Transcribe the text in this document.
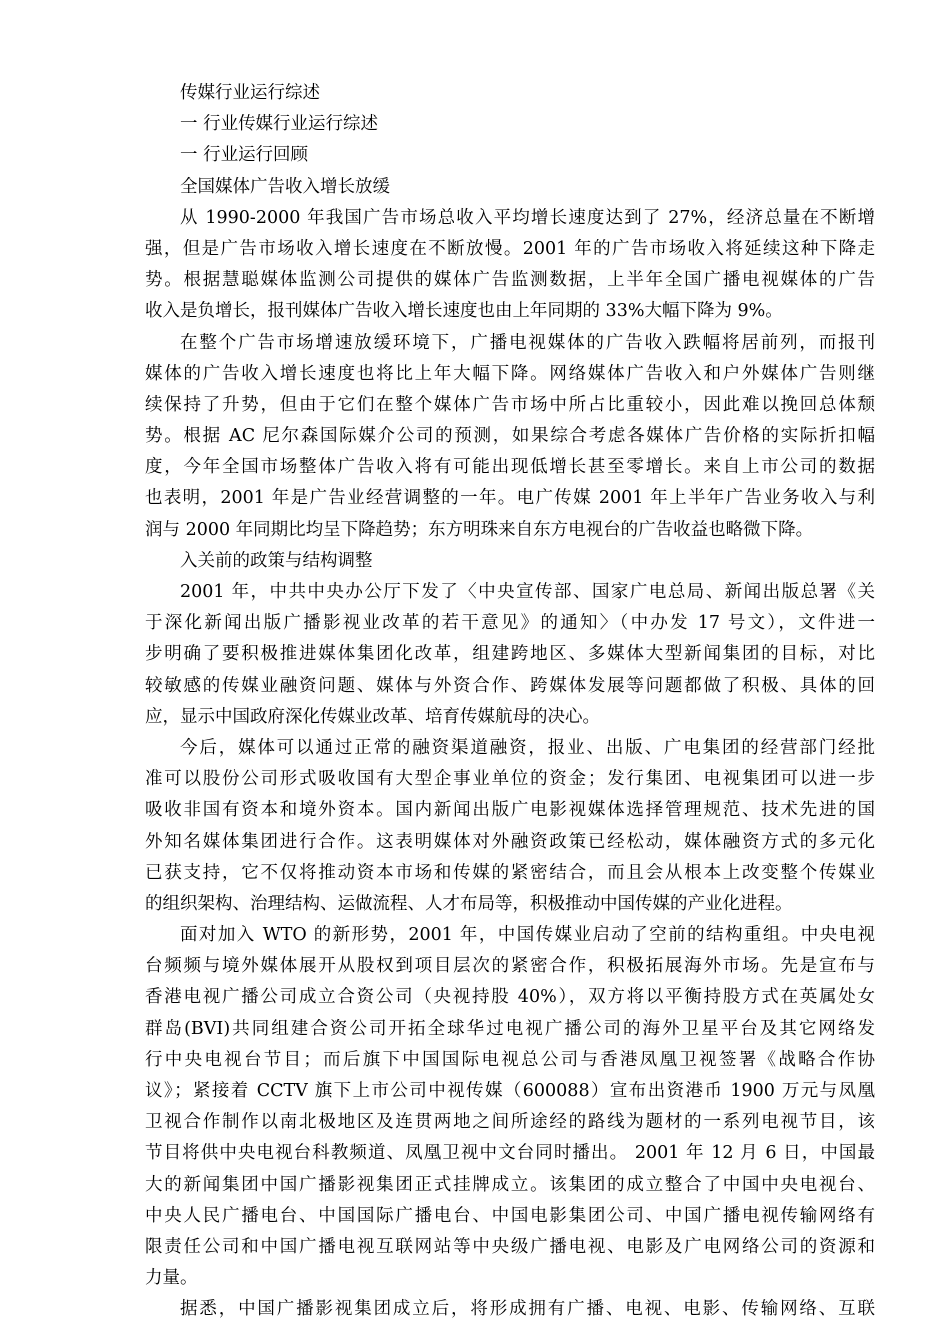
传媒行业运行综述
一 行业传媒行业运行综述
一 行业运行回顾
全国媒体广告收入增长放缓
从 1990-2000 年我国广告市场总收入平均增长速度达到了 27%，经济总量在不断增
强，但是广告市场收入增长速度在不断放慢。2001 年的广告市场收入将延续这种下降走
势。根据慧聪媒体监测公司提供的媒体广告监测数据，上半年全国广播电视媒体的广告
收入是负增长，报刊媒体广告收入增长速度也由上年同期的 33%大幅下降为 9%。
在整个广告市场增速放缓环境下，广播电视媒体的广告收入跌幅将居前列，而报刊
媒体的广告收入增长速度也将比上年大幅下降。网络媒体广告收入和户外媒体广告则继
续保持了升势，但由于它们在整个媒体广告市场中所占比重较小，因此难以挽回总体颓
势。根据 AC 尼尔森国际媒介公司的预测，如果综合考虑各媒体广告价格的实际折扣幅
度，今年全国市场整体广告收入将有可能出现低增长甚至零增长。来自上市公司的数据
也表明，2001 年是广告业经营调整的一年。电广传媒 2001 年上半年广告业务收入与利
润与 2000 年同期比均呈下降趋势；东方明珠来自东方电视台的广告收益也略微下降。
入关前的政策与结构调整
2001 年，中共中央办公厅下发了〈中央宣传部、国家广电总局、新闻出版总署《关
于深化新闻出版广播影视业改革的若干意见》的通知〉（中办发 17 号文），文件进一
步明确了要积极推进媒体集团化改革，组建跨地区、多媒体大型新闻集团的目标，对比
较敏感的传媒业融资问题、媒体与外资合作、跨媒体发展等问题都做了积极、具体的回
应，显示中国政府深化传媒业改革、培育传媒航母的决心。
今后，媒体可以通过正常的融资渠道融资，报业、出版、广电集团的经营部门经批
准可以股份公司形式吸收国有大型企事业单位的资金；发行集团、电视集团可以进一步
吸收非国有资本和境外资本。国内新闻出版广电影视媒体选择管理规范、技术先进的国
外知名媒体集团进行合作。这表明媒体对外融资政策已经松动，媒体融资方式的多元化
已获支持，它不仅将推动资本市场和传媒的紧密结合，而且会从根本上改变整个传媒业
的组织架构、治理结构、运做流程、人才布局等，积极推动中国传媒的产业化进程。
面对加入 WTO 的新形势，2001 年，中国传媒业启动了空前的结构重组。中央电视
台频频与境外媒体展开从股权到项目层次的紧密合作，积极拓展海外市场。先是宣布与
香港电视广播公司成立合资公司（央视持股 40%），双方将以平衡持股方式在英属处女
群岛(BVI)共同组建合资公司开拓全球华过电视广播公司的海外卫星平台及其它网络发
行中央电视台节目；而后旗下中国国际电视总公司与香港凤凰卫视签署《战略合作协
议》；紧接着 CCTV 旗下上市公司中视传媒（600088）宣布出资港币 1900 万元与凤凰
卫视合作制作以南北极地区及连贯两地之间所途经的路线为题材的一系列电视节目，该
节目将供中央电视台科教频道、凤凰卫视中文台同时播出。 2001 年 12 月 6 日，中国最
大的新闻集团中国广播影视集团正式挂牌成立。该集团的成立整合了中国中央电视台、
中央人民广播电台、中国国际广播电台、中国电影集团公司、中国广播电视传输网络有
限责任公司和中国广播电视互联网站等中央级广播电视、电影及广电网络公司的资源和
力量。
据悉，中国广播影视集团成立后，将形成拥有广播、电视、电影、传输网络、互联
